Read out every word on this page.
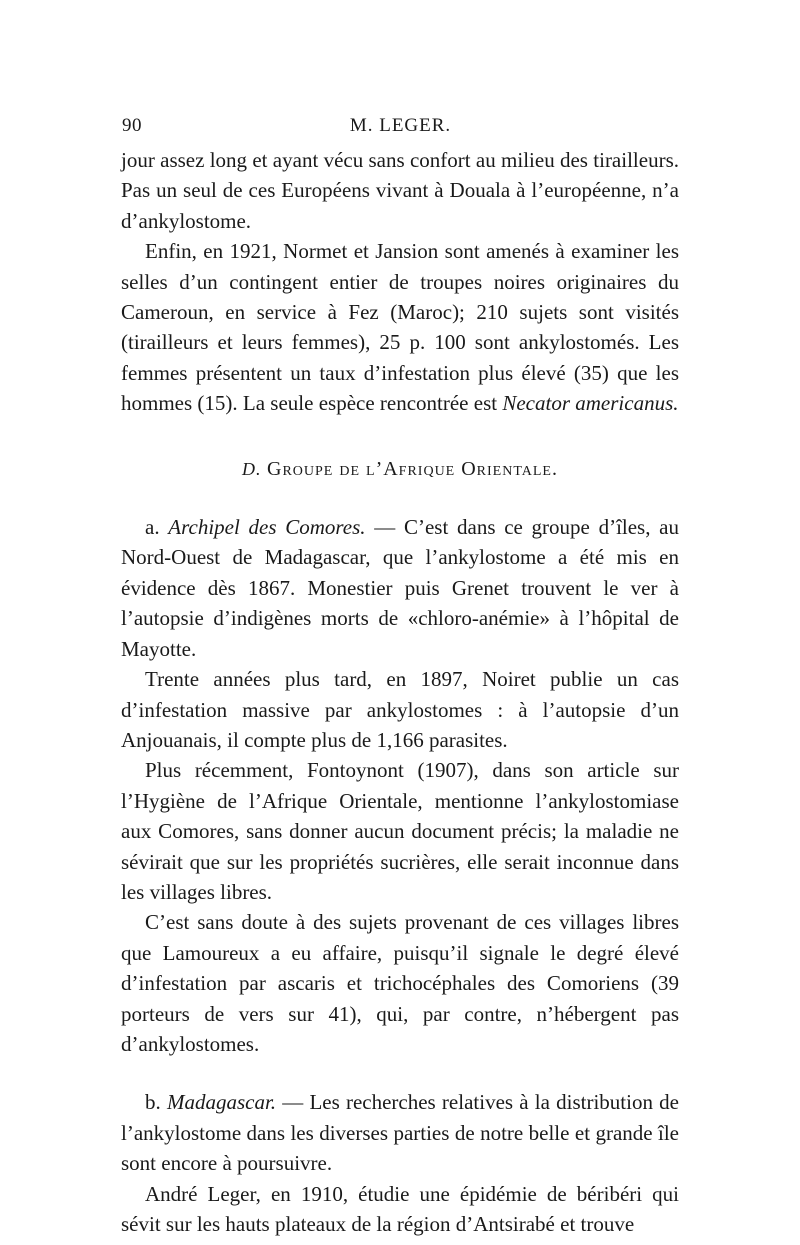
90	M. LEGER.

jour assez long et ayant vécu sans confort au milieu des tirailleurs. Pas un seul de ces Européens vivant à Douala à l’européenne, n’a d’ankylostome.

Enfin, en 1921, Normet et Jansion sont amenés à examiner les selles d’un contingent entier de troupes noires originaires du Cameroun, en service à Fez (Maroc); 210 sujets sont visités (tirailleurs et leurs femmes), 25 p. 100 sont ankylostomés. Les femmes présentent un taux d’infestation plus élevé (35) que les hommes (15). La seule espèce rencontrée est Necator americanus.

D. Groupe de l’Afrique Orientale.

a. Archipel des Comores. — C’est dans ce groupe d’îles, au Nord-Ouest de Madagascar, que l’ankylostome a été mis en évidence dès 1867. Monestier puis Grenet trouvent le ver à l’autopsie d’indigènes morts de «chloro-anémie» à l’hôpital de Mayotte.

Trente années plus tard, en 1897, Noiret publie un cas d’infestation massive par ankylostomes : à l’autopsie d’un Anjouanais, il compte plus de 1,166 parasites.

Plus récemment, Fontoynont (1907), dans son article sur l’Hygiène de l’Afrique Orientale, mentionne l’ankylostomiase aux Comores, sans donner aucun document précis; la maladie ne sévirait que sur les propriétés sucrières, elle serait inconnue dans les villages libres.

C’est sans doute à des sujets provenant de ces villages libres que Lamoureux a eu affaire, puisqu’il signale le degré élevé d’infestation par ascaris et trichocéphales des Comoriens (39 porteurs de vers sur 41), qui, par contre, n’hébergent pas d’ankylostomes.

b. Madagascar. — Les recherches relatives à la distribution de l’ankylostome dans les diverses parties de notre belle et grande île sont encore à poursuivre.

André Leger, en 1910, étudie une épidémie de béribéri qui sévit sur les hauts plateaux de la région d’Antsirabé et trouve
